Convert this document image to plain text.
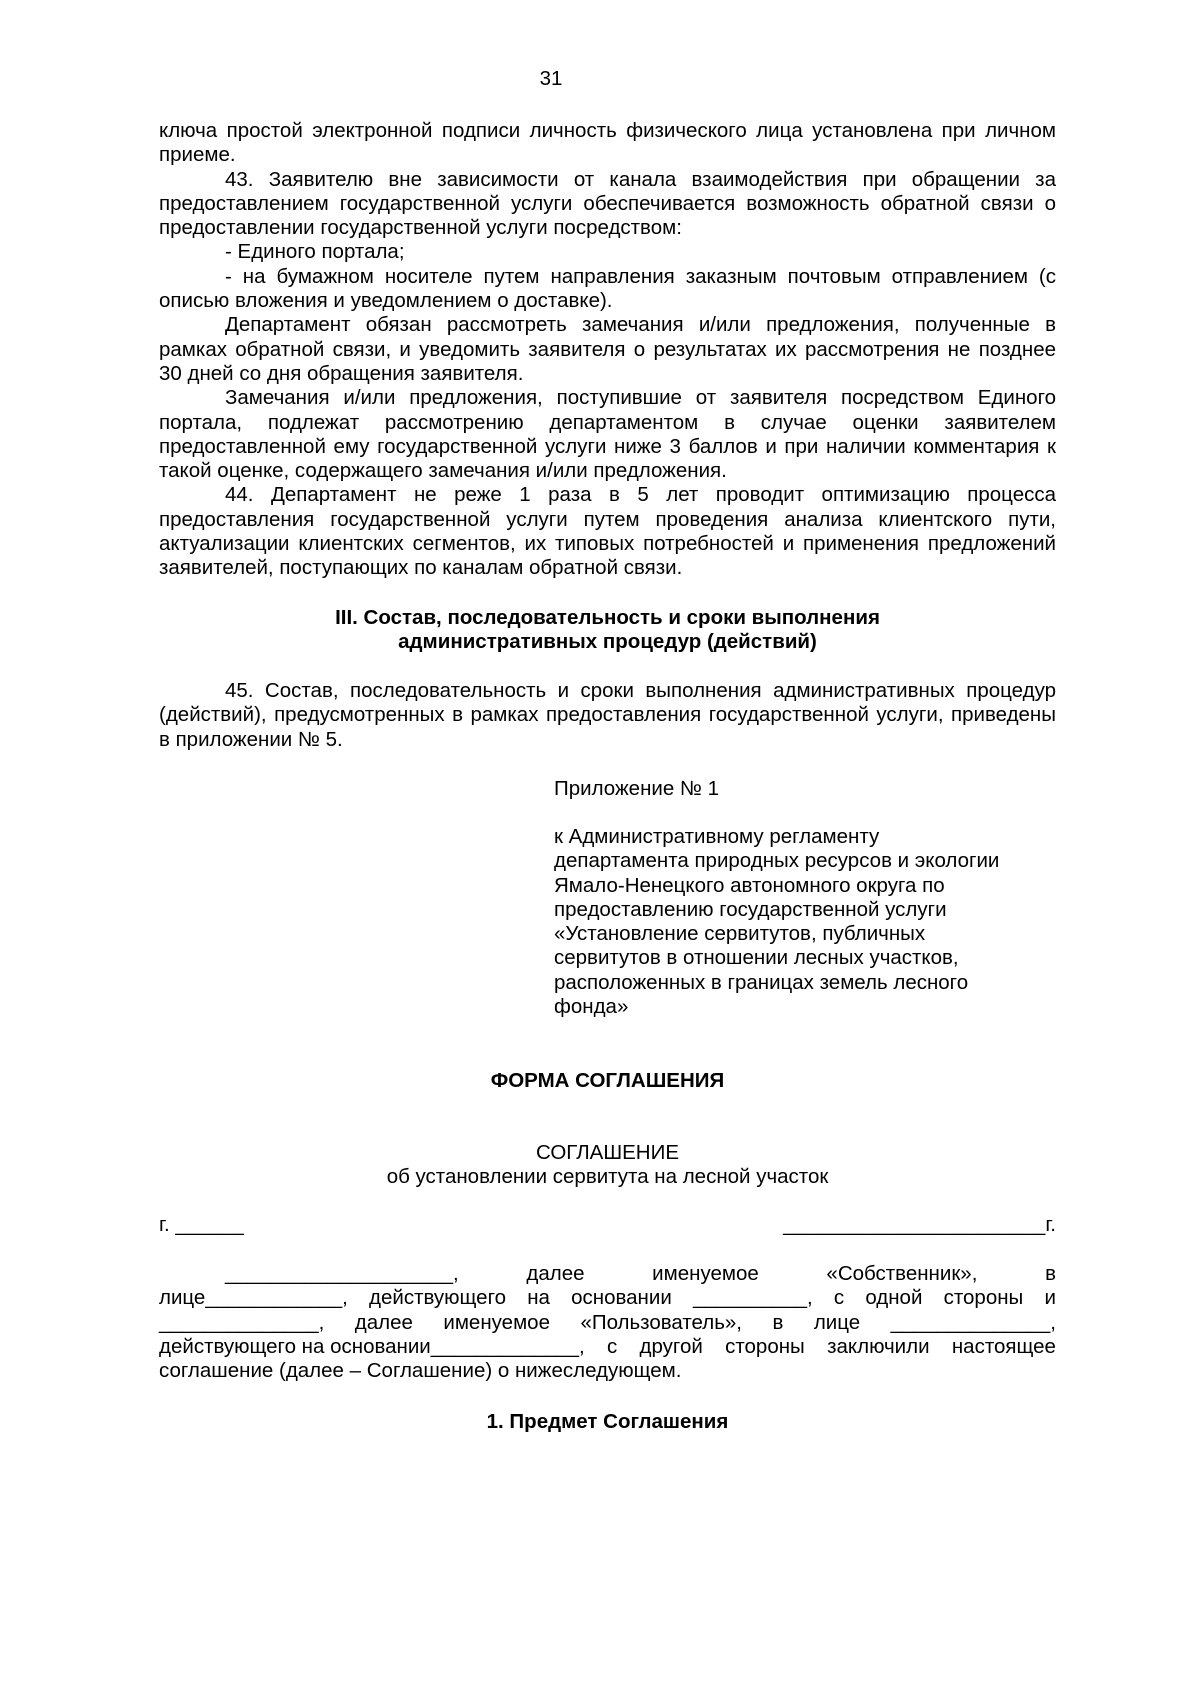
31

ключа простой электронной подписи личность физического лица установлена при личном приеме.

43. Заявителю вне зависимости от канала взаимодействия при обращении за предоставлением государственной услуги обеспечивается возможность обратной связи о предоставлении государственной услуги посредством:

- Единого портала;

- на бумажном носителе путем направления заказным почтовым отправлением (с описью вложения и уведомлением о доставке).

Департамент обязан рассмотреть замечания и/или предложения, полученные в рамках обратной связи, и уведомить заявителя о результатах их рассмотрения не позднее 30 дней со дня обращения заявителя.

Замечания и/или предложения, поступившие от заявителя посредством Единого портала, подлежат рассмотрению департаментом в случае оценки заявителем предоставленной ему государственной услуги ниже 3 баллов и при наличии комментария к такой оценке, содержащего замечания и/или предложения.

44. Департамент не реже 1 раза в 5 лет проводит оптимизацию процесса предоставления государственной услуги путем проведения анализа клиентского пути, актуализации клиентских сегментов, их типовых потребностей и применения предложений заявителей, поступающих по каналам обратной связи.

III. Состав, последовательность и сроки выполнения
административных процедур (действий)

45. Состав, последовательность и сроки выполнения административных процедур (действий), предусмотренных в рамках предоставления государственной услуги, приведены в приложении № 5.

Приложение № 1

к Административному регламенту

департамента природных ресурсов и экологии

Ямало-Ненецкого автономного округа по

предоставлению государственной услуги

«Установление сервитутов, публичных

сервитутов в отношении лесных участков,

расположенных в границах земель лесного

фонда»

ФОРМА СОГЛАШЕНИЯ
СОГЛАШЕНИЕ
об установлении сервитута на лесной участок
г. ______	_______________________г.
____________________,	далее	именуемое	«Собственник»,	в
лице____________, действующего на основании __________, с одной стороны и
______________, далее именуемое «Пользователь», в лице ______________,
действующего на основании_____________, с другой стороны заключили настоящее
соглашение (далее – Соглашение) о нижеследующем.
1. Предмет Соглашения
